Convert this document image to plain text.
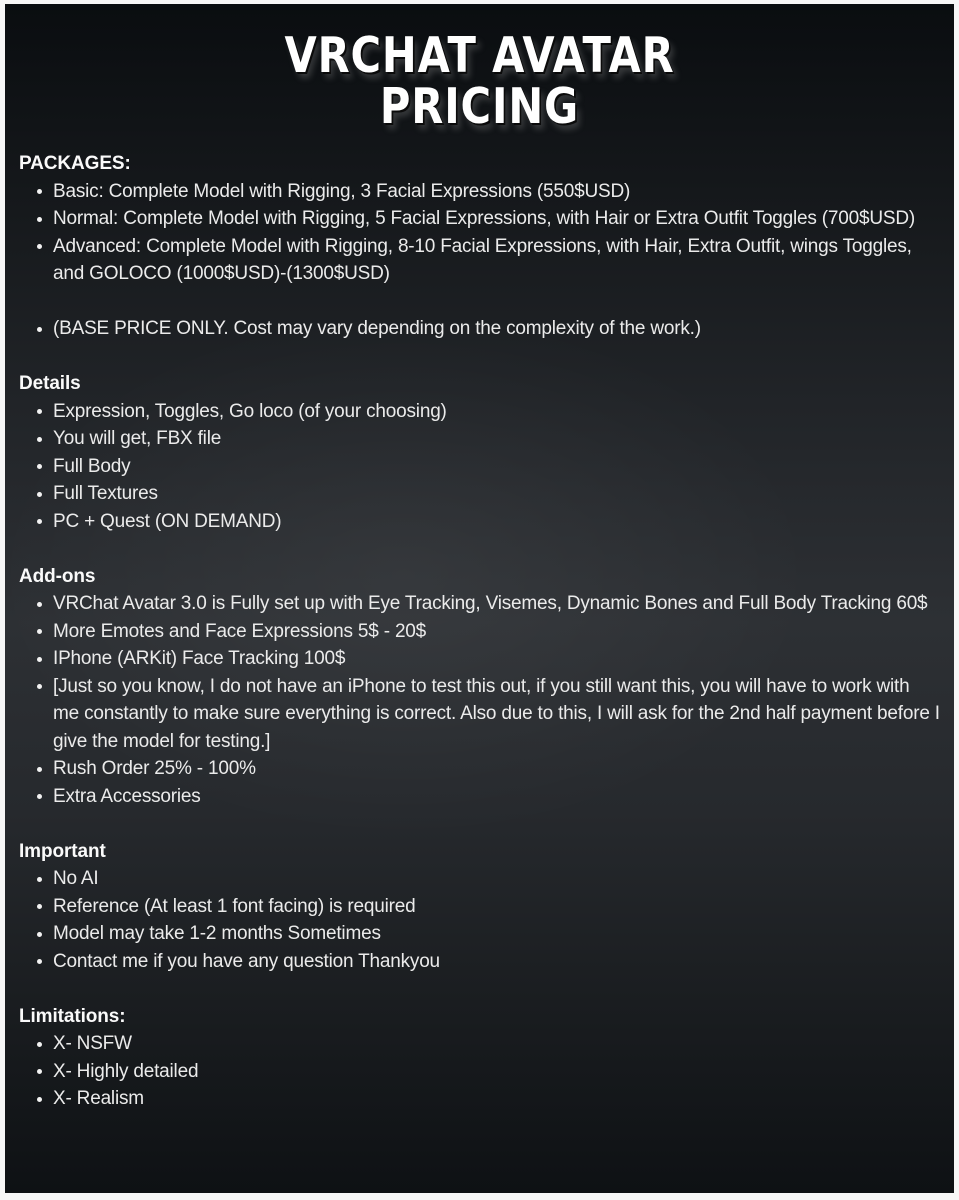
VRCHAT AVATAR
PRICING
PACKAGES:
Basic: Complete Model with Rigging, 3 Facial Expressions (550$USD)
Normal: Complete Model with Rigging, 5 Facial Expressions, with Hair or Extra Outfit Toggles (700$USD)
Advanced: Complete Model with Rigging, 8-10 Facial Expressions, with Hair, Extra Outfit, wings Toggles, and GOLOCO (1000$USD)-(1300$USD)
(BASE PRICE ONLY. Cost may vary depending on the complexity of the work.)
Details
Expression, Toggles, Go loco (of your choosing)
You will get, FBX file
Full Body
Full Textures
PC + Quest (ON DEMAND)
Add-ons
VRChat Avatar 3.0 is Fully set up with Eye Tracking, Visemes, Dynamic Bones and Full Body Tracking 60$
More Emotes and Face Expressions 5$ - 20$
IPhone (ARKit) Face Tracking 100$
[Just so you know, I do not have an iPhone to test this out, if you still want this, you will have to work with me constantly to make sure everything is correct. Also due to this, I will ask for the 2nd half payment before I give the model for testing.]
Rush Order 25% - 100%
Extra Accessories
Important
No AI
Reference (At least 1 font facing) is required
Model may take 1-2 months Sometimes
Contact me if you have any question Thankyou
Limitations:
X- NSFW
X- Highly detailed
X- Realism
